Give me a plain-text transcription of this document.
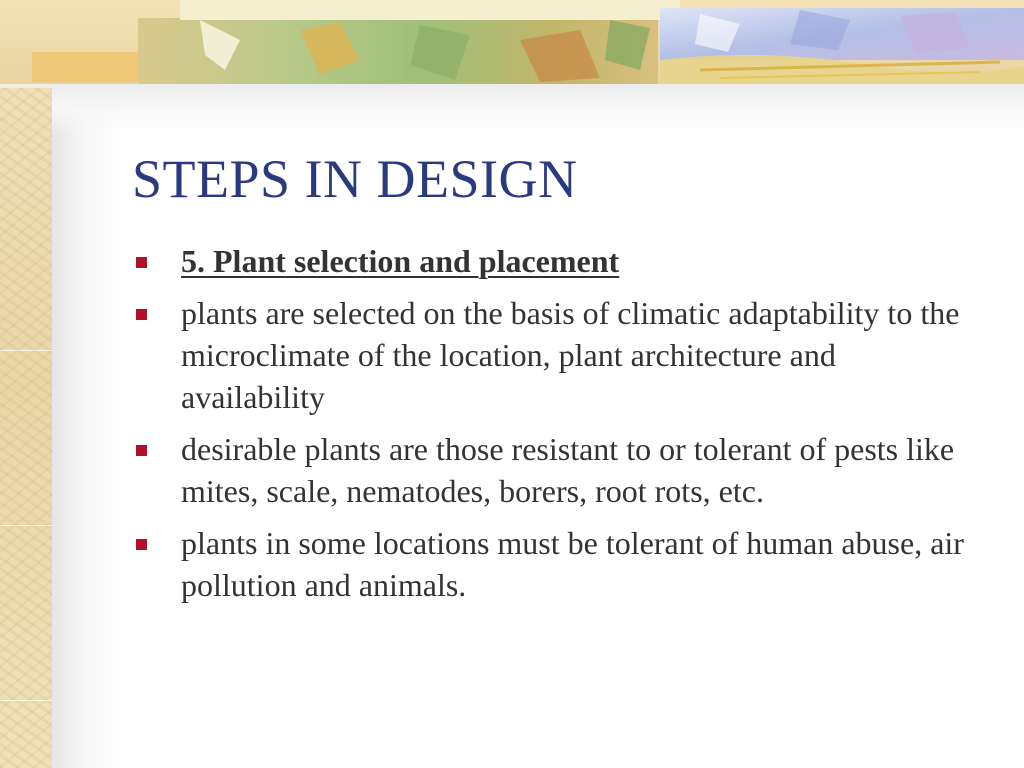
STEPS IN DESIGN
5. Plant selection and placement
plants are selected on the basis of climatic adaptability to the microclimate of the location, plant architecture and availability
desirable plants are those resistant to or tolerant of pests like mites, scale, nematodes, borers, root rots, etc.
plants in some locations must be tolerant of human abuse, air pollution and animals.
